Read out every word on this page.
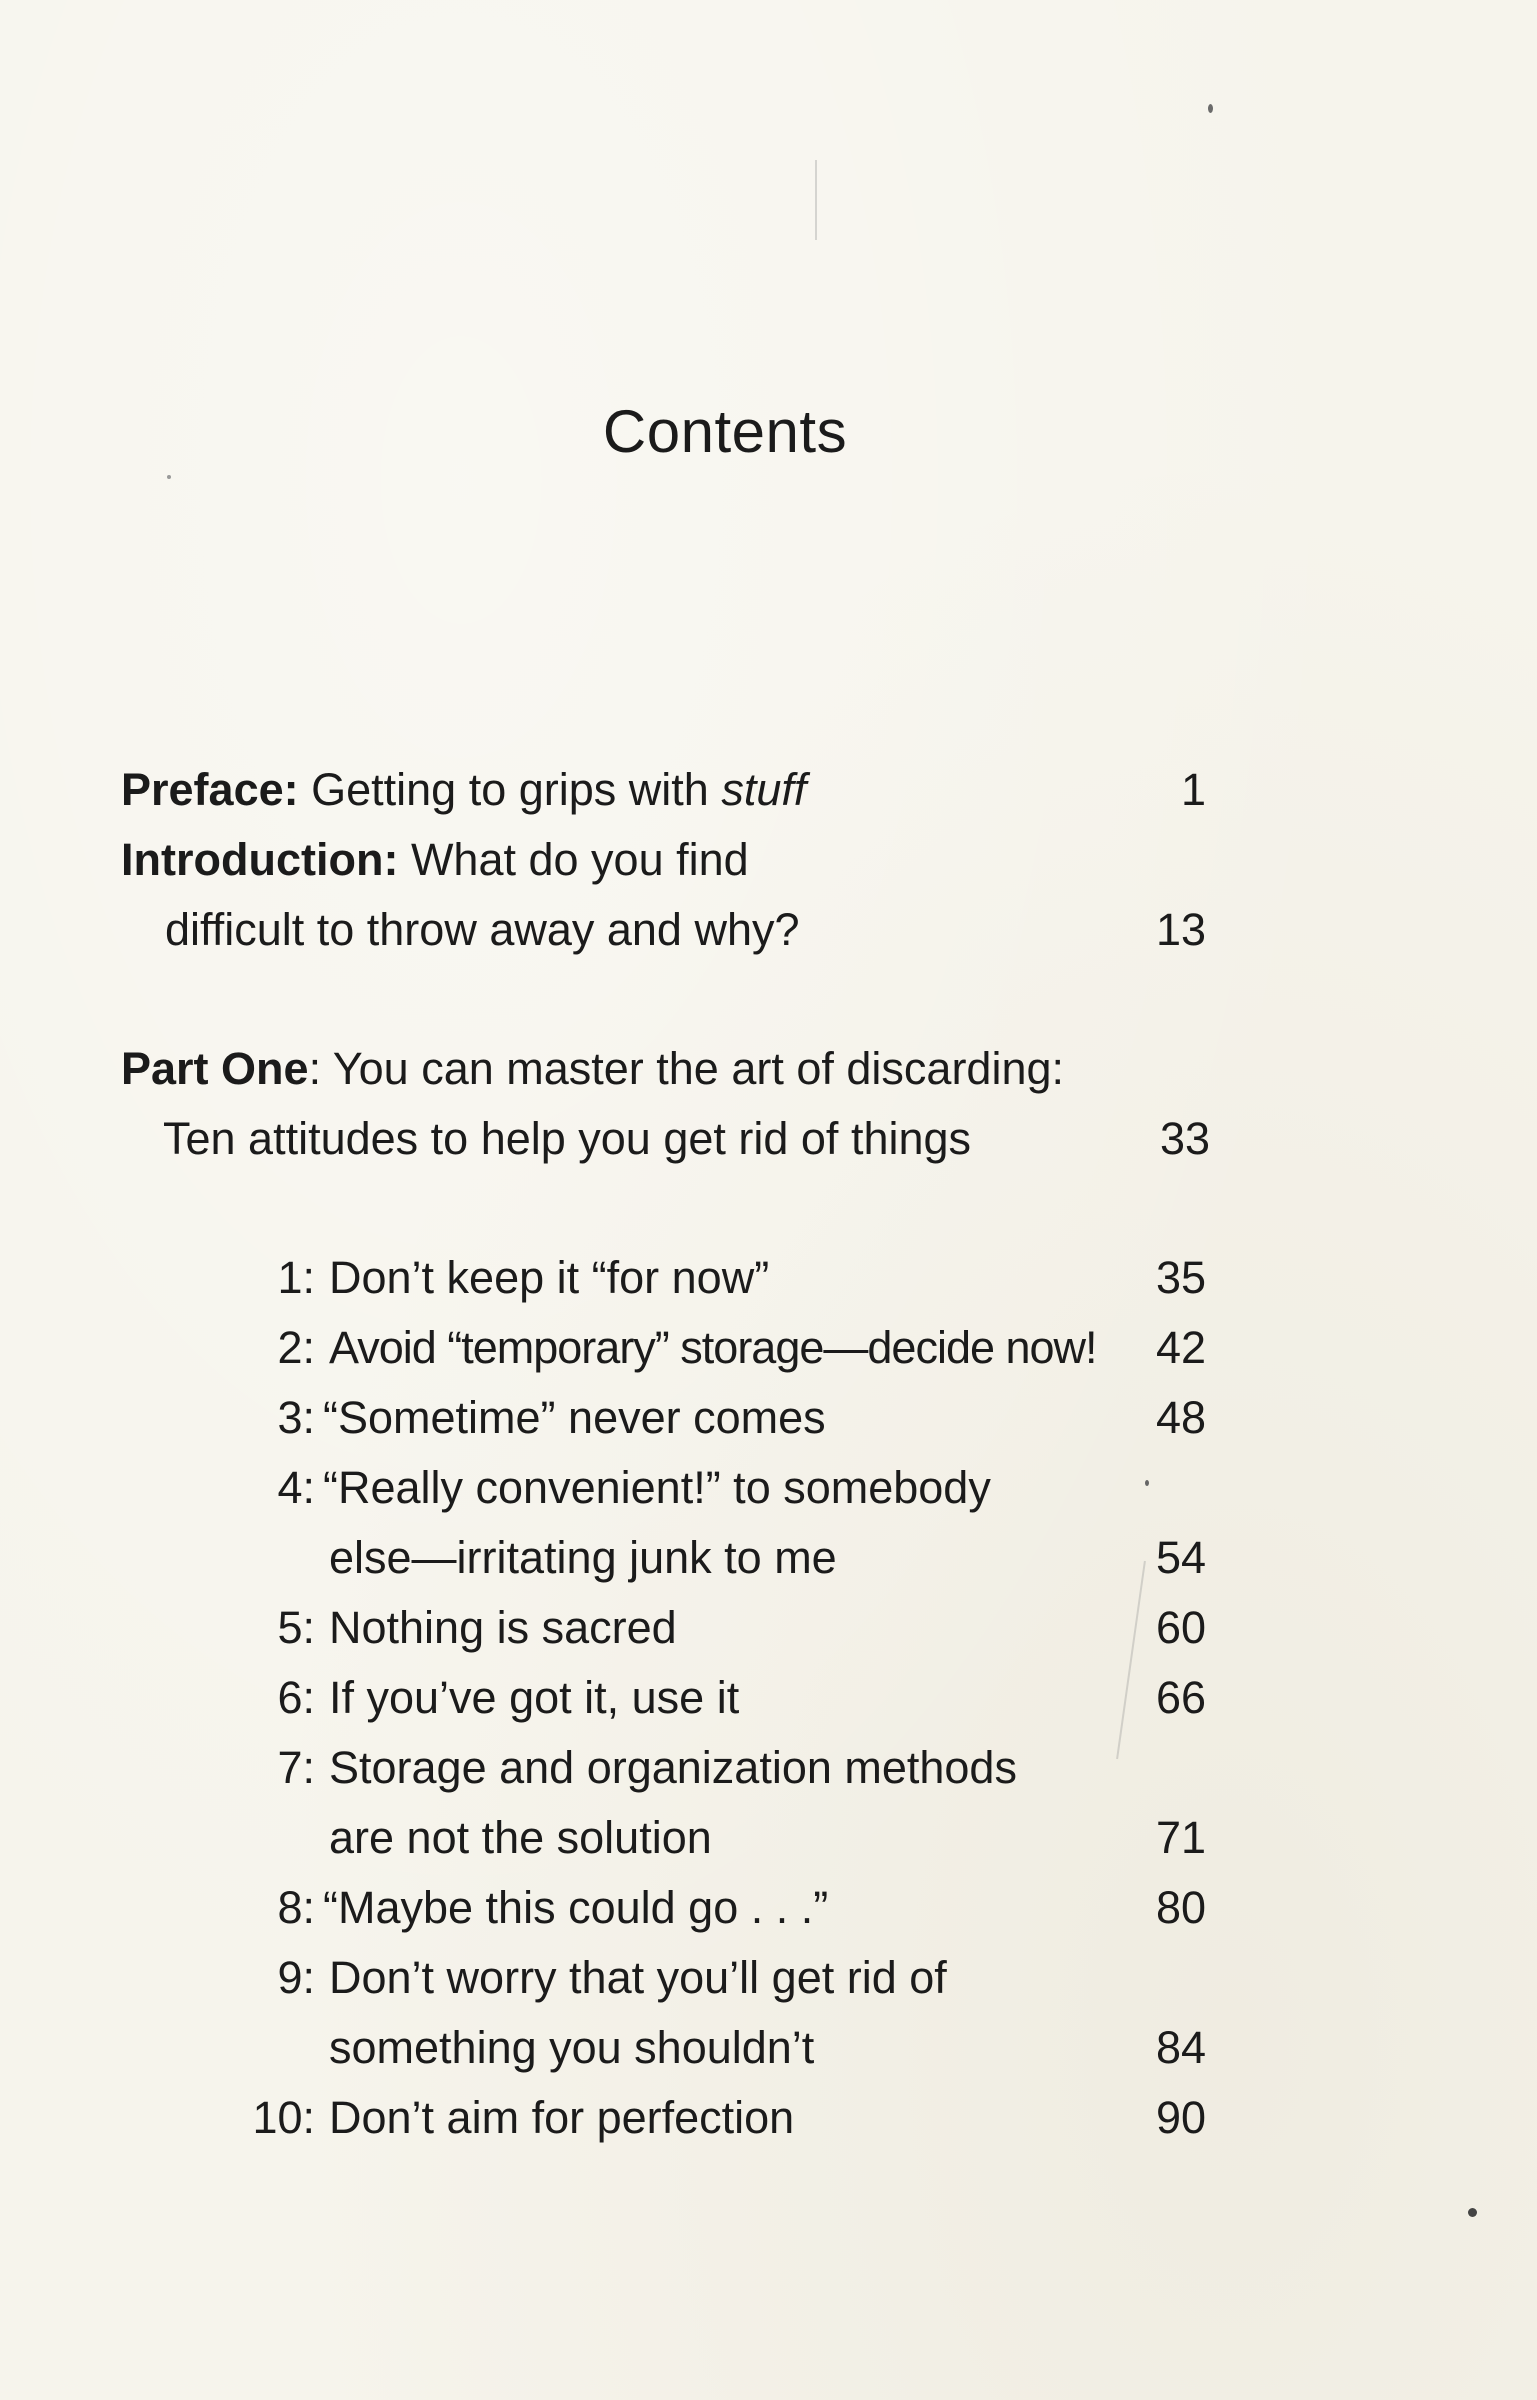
Contents
Preface: Getting to grips with stuff	1
Introduction: What do you find
difficult to throw away and why?	13
Part One: You can master the art of discarding:
Ten attitudes to help you get rid of things	33
1: Don’t keep it “for now”	35
2: Avoid “temporary” storage—decide now!	42
3: “Sometime” never comes	48
4: “Really convenient!” to somebody
else—irritating junk to me	54
5: Nothing is sacred	60
6: If you’ve got it, use it	66
7: Storage and organization methods
are not the solution	71
8: “Maybe this could go . . .”	80
9: Don’t worry that you’ll get rid of
something you shouldn’t	84
10: Don’t aim for perfection	90
